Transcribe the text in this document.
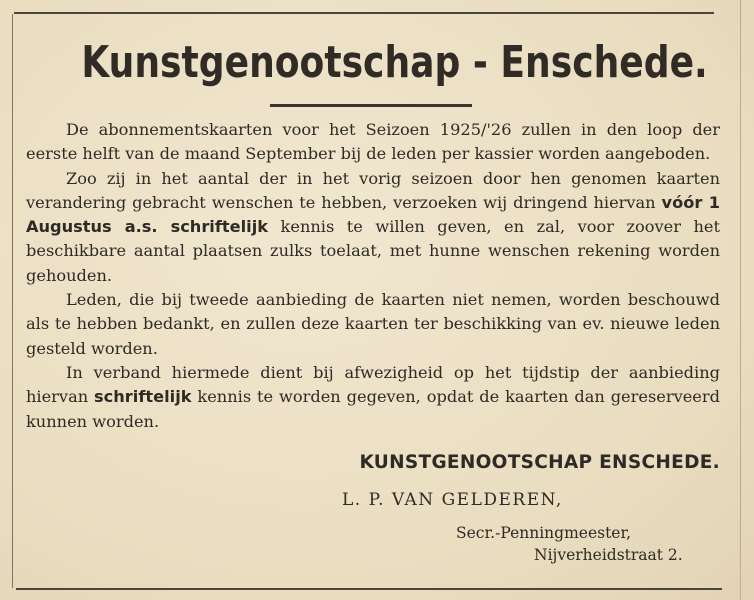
Kunstgenootschap - Enschede.

De abonnementskaarten voor het Seizoen 1925/'26 zullen in den loop der eerste helft van de maand September bij de leden per kassier worden aangeboden.

Zoo zij in het aantal der in het vorig seizoen door hen genomen kaarten verandering gebracht wenschen te hebben, verzoeken wij dringend hiervan vóór 1 Augustus a.s. schriftelijk kennis te willen geven, en zal, voor zoover het beschikbare aantal plaatsen zulks toelaat, met hunne wenschen rekening worden gehouden.

Leden, die bij tweede aanbieding de kaarten niet nemen, worden beschouwd als te hebben bedankt, en zullen deze kaarten ter beschikking van ev. nieuwe leden gesteld worden.

In verband hiermede dient bij afwezigheid op het tijdstip der aanbieding hiervan schriftelijk kennis te worden gegeven, opdat de kaarten dan gereserveerd kunnen worden.

KUNSTGENOOTSCHAP ENSCHEDE.
L. P. VAN GELDEREN,
Secr.-Penningmeester,
Nijverheidstraat 2.
